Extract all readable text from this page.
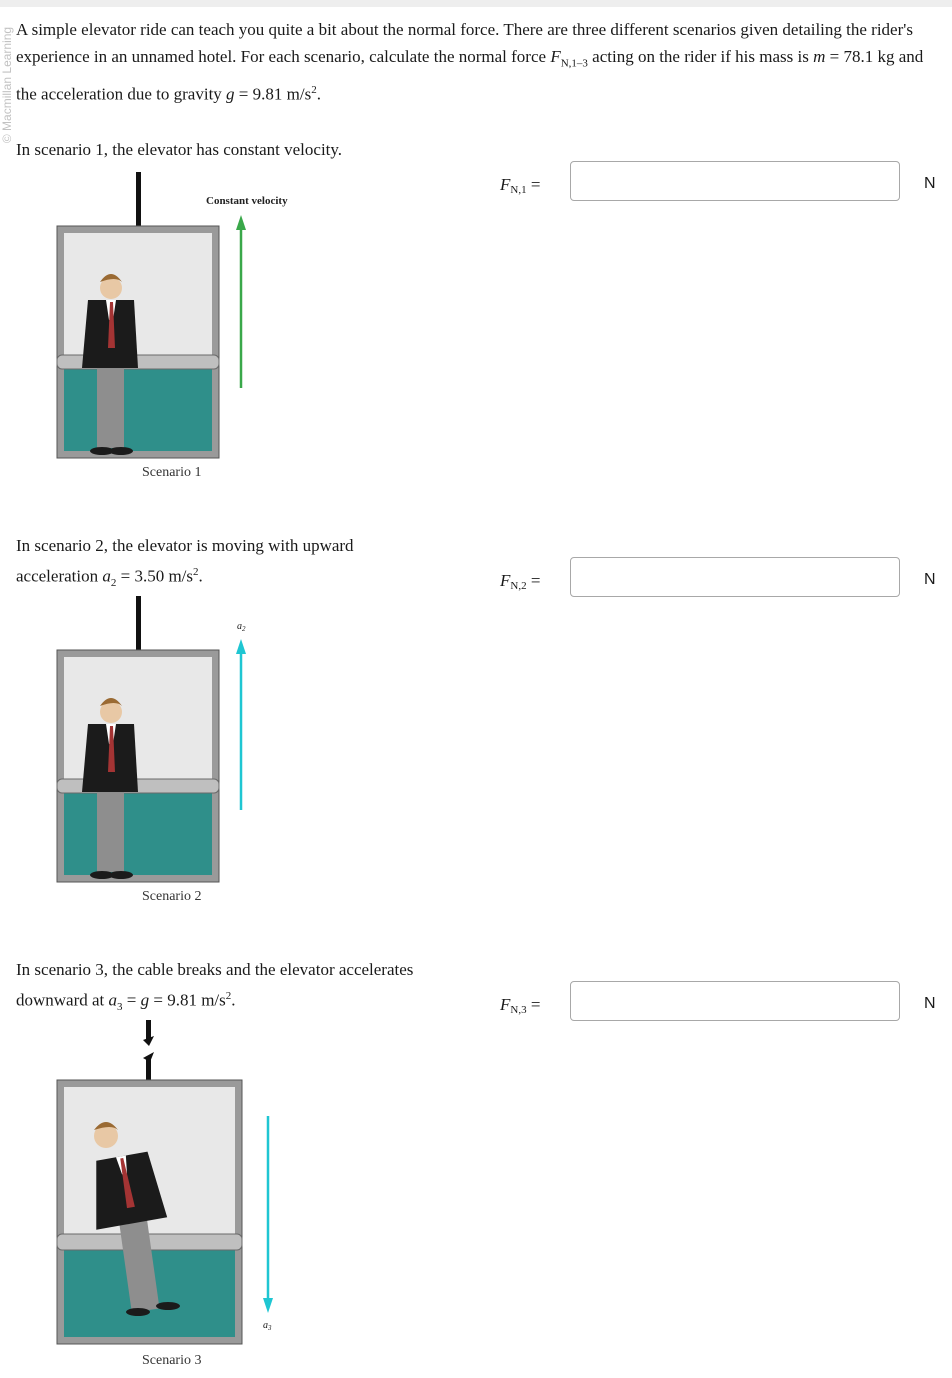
© Macmillan Learning A simple elevator ride can teach you quite a bit about the normal force. There are three different scenarios given detailing the rider's experience in an unnamed hotel. For each scenario, calculate the normal force $F_{N,1-3}$ acting on the rider if his mass is m = 78.1 kg and the acceleration due to gravity g = 9.81 $m/s^2$.
In scenario 1, the elevator has constant velocity.
Constant velocity
Scenario 1
$F_{N,1}$ =	N
In scenario 2, the elevator is moving with upward
acceleration $a_2 = 3.50$ $m/s^2$.
$a_2$
Scenario 2
$F_{N,2}$ =	N
In scenario 3, the cable breaks and the elevator accelerates
downward at $a_3 = g = 9.81$ $m/s^2$.
$a_3$
Scenario 3
$F_{N,3}$ =	N
